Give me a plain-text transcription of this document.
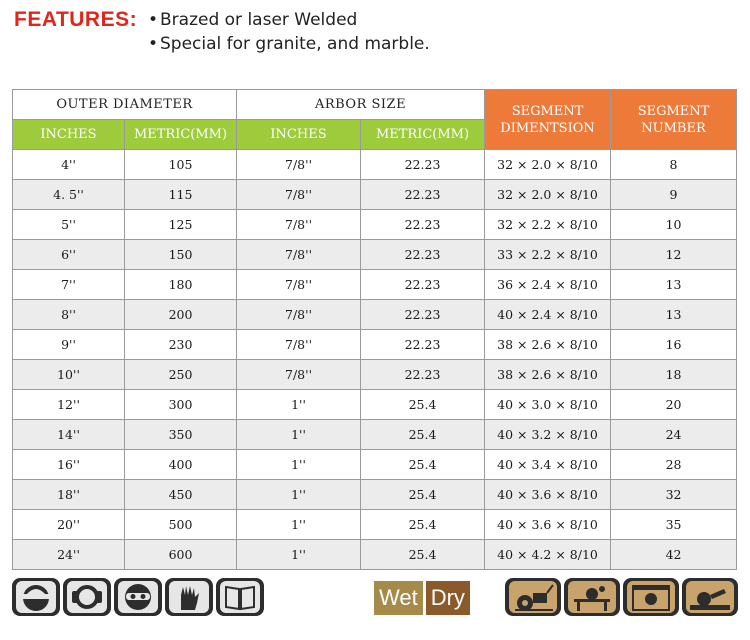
FEATURES: • Brazed or laser Welded
• Special for granite, and marble.
OUTER DIAMETER		ARBOR SIZE		SEGMENT DIMENTSION	SEGMENT NUMBER
INCHES	METRIC(MM)	INCHES	METRIC(MM)		
4''	105	7/8''	22.23	32 × 2.0 × 8/10	8
4. 5''	115	7/8''	22.23	32 × 2.0 × 8/10	9
5''	125	7/8''	22.23	32 × 2.2 × 8/10	10
6''	150	7/8''	22.23	33 × 2.2 × 8/10	12
7''	180	7/8''	22.23	36 × 2.4 × 8/10	13
8''	200	7/8''	22.23	40 × 2.4 × 8/10	13
9''	230	7/8''	22.23	38 × 2.6 × 8/10	16
10''	250	7/8''	22.23	38 × 2.6 × 8/10	18
12''	300	1''	25.4	40 × 3.0 × 8/10	20
14''	350	1''	25.4	40 × 3.2 × 8/10	24
16''	400	1''	25.4	40 × 3.4 × 8/10	28
18''	450	1''	25.4	40 × 3.6 × 8/10	32
20''	500	1''	25.4	40 × 3.6 × 8/10	35
24''	600	1''	25.4	40 × 4.2 × 8/10	42
Wet Dry
